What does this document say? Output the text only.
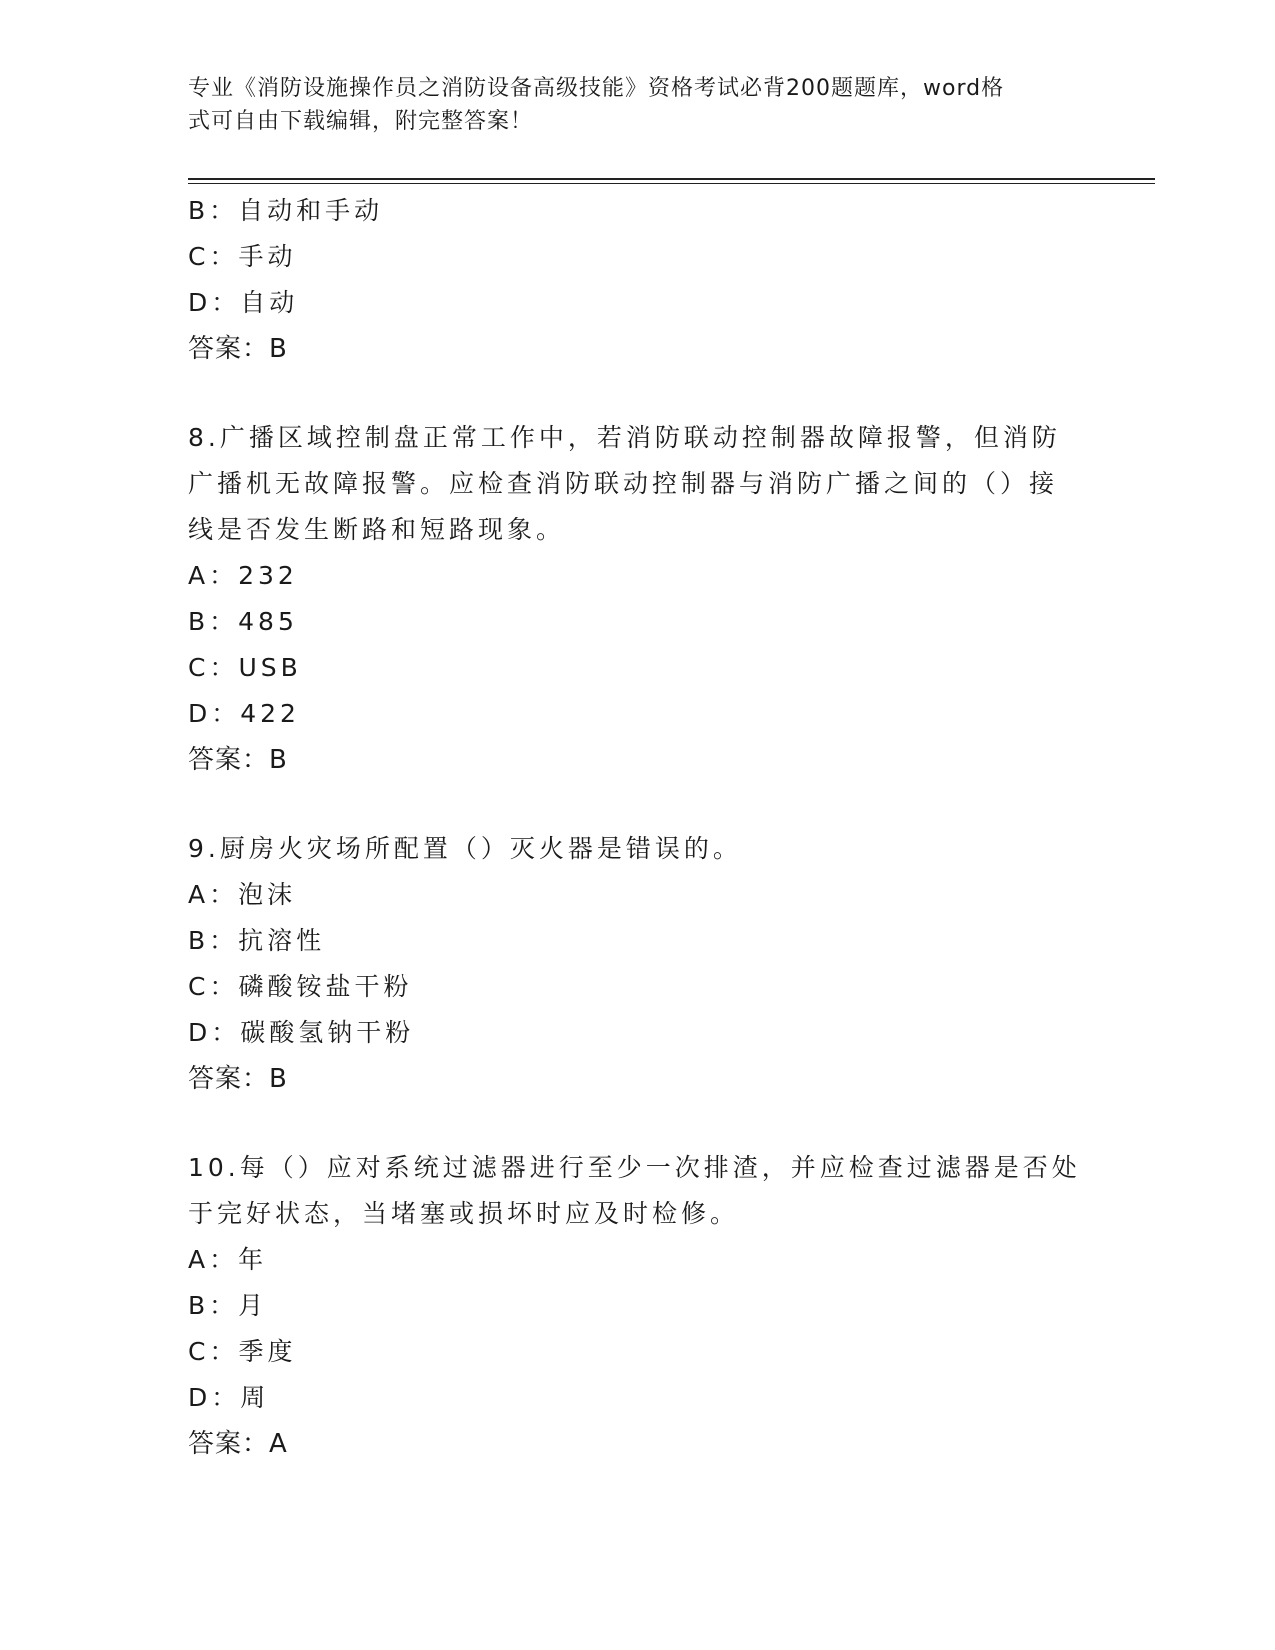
专业《消防设施操作员之消防设备高级技能》资格考试必背200题题库，word格
式可自由下载编辑，附完整答案！
B：自动和手动
C：手动
D：自动
答案：B
8.广播区域控制盘正常工作中，若消防联动控制器故障报警，但消防
广播机无故障报警。应检查消防联动控制器与消防广播之间的（）接
线是否发生断路和短路现象。
A：232
B：485
C：USB
D：422
答案：B
9.厨房火灾场所配置（）灭火器是错误的。
A：泡沫
B：抗溶性
C：磷酸铵盐干粉
D：碳酸氢钠干粉
答案：B
10.每（）应对系统过滤器进行至少一次排渣，并应检查过滤器是否处
于完好状态，当堵塞或损坏时应及时检修。
A：年
B：月
C：季度
D：周
答案：A
